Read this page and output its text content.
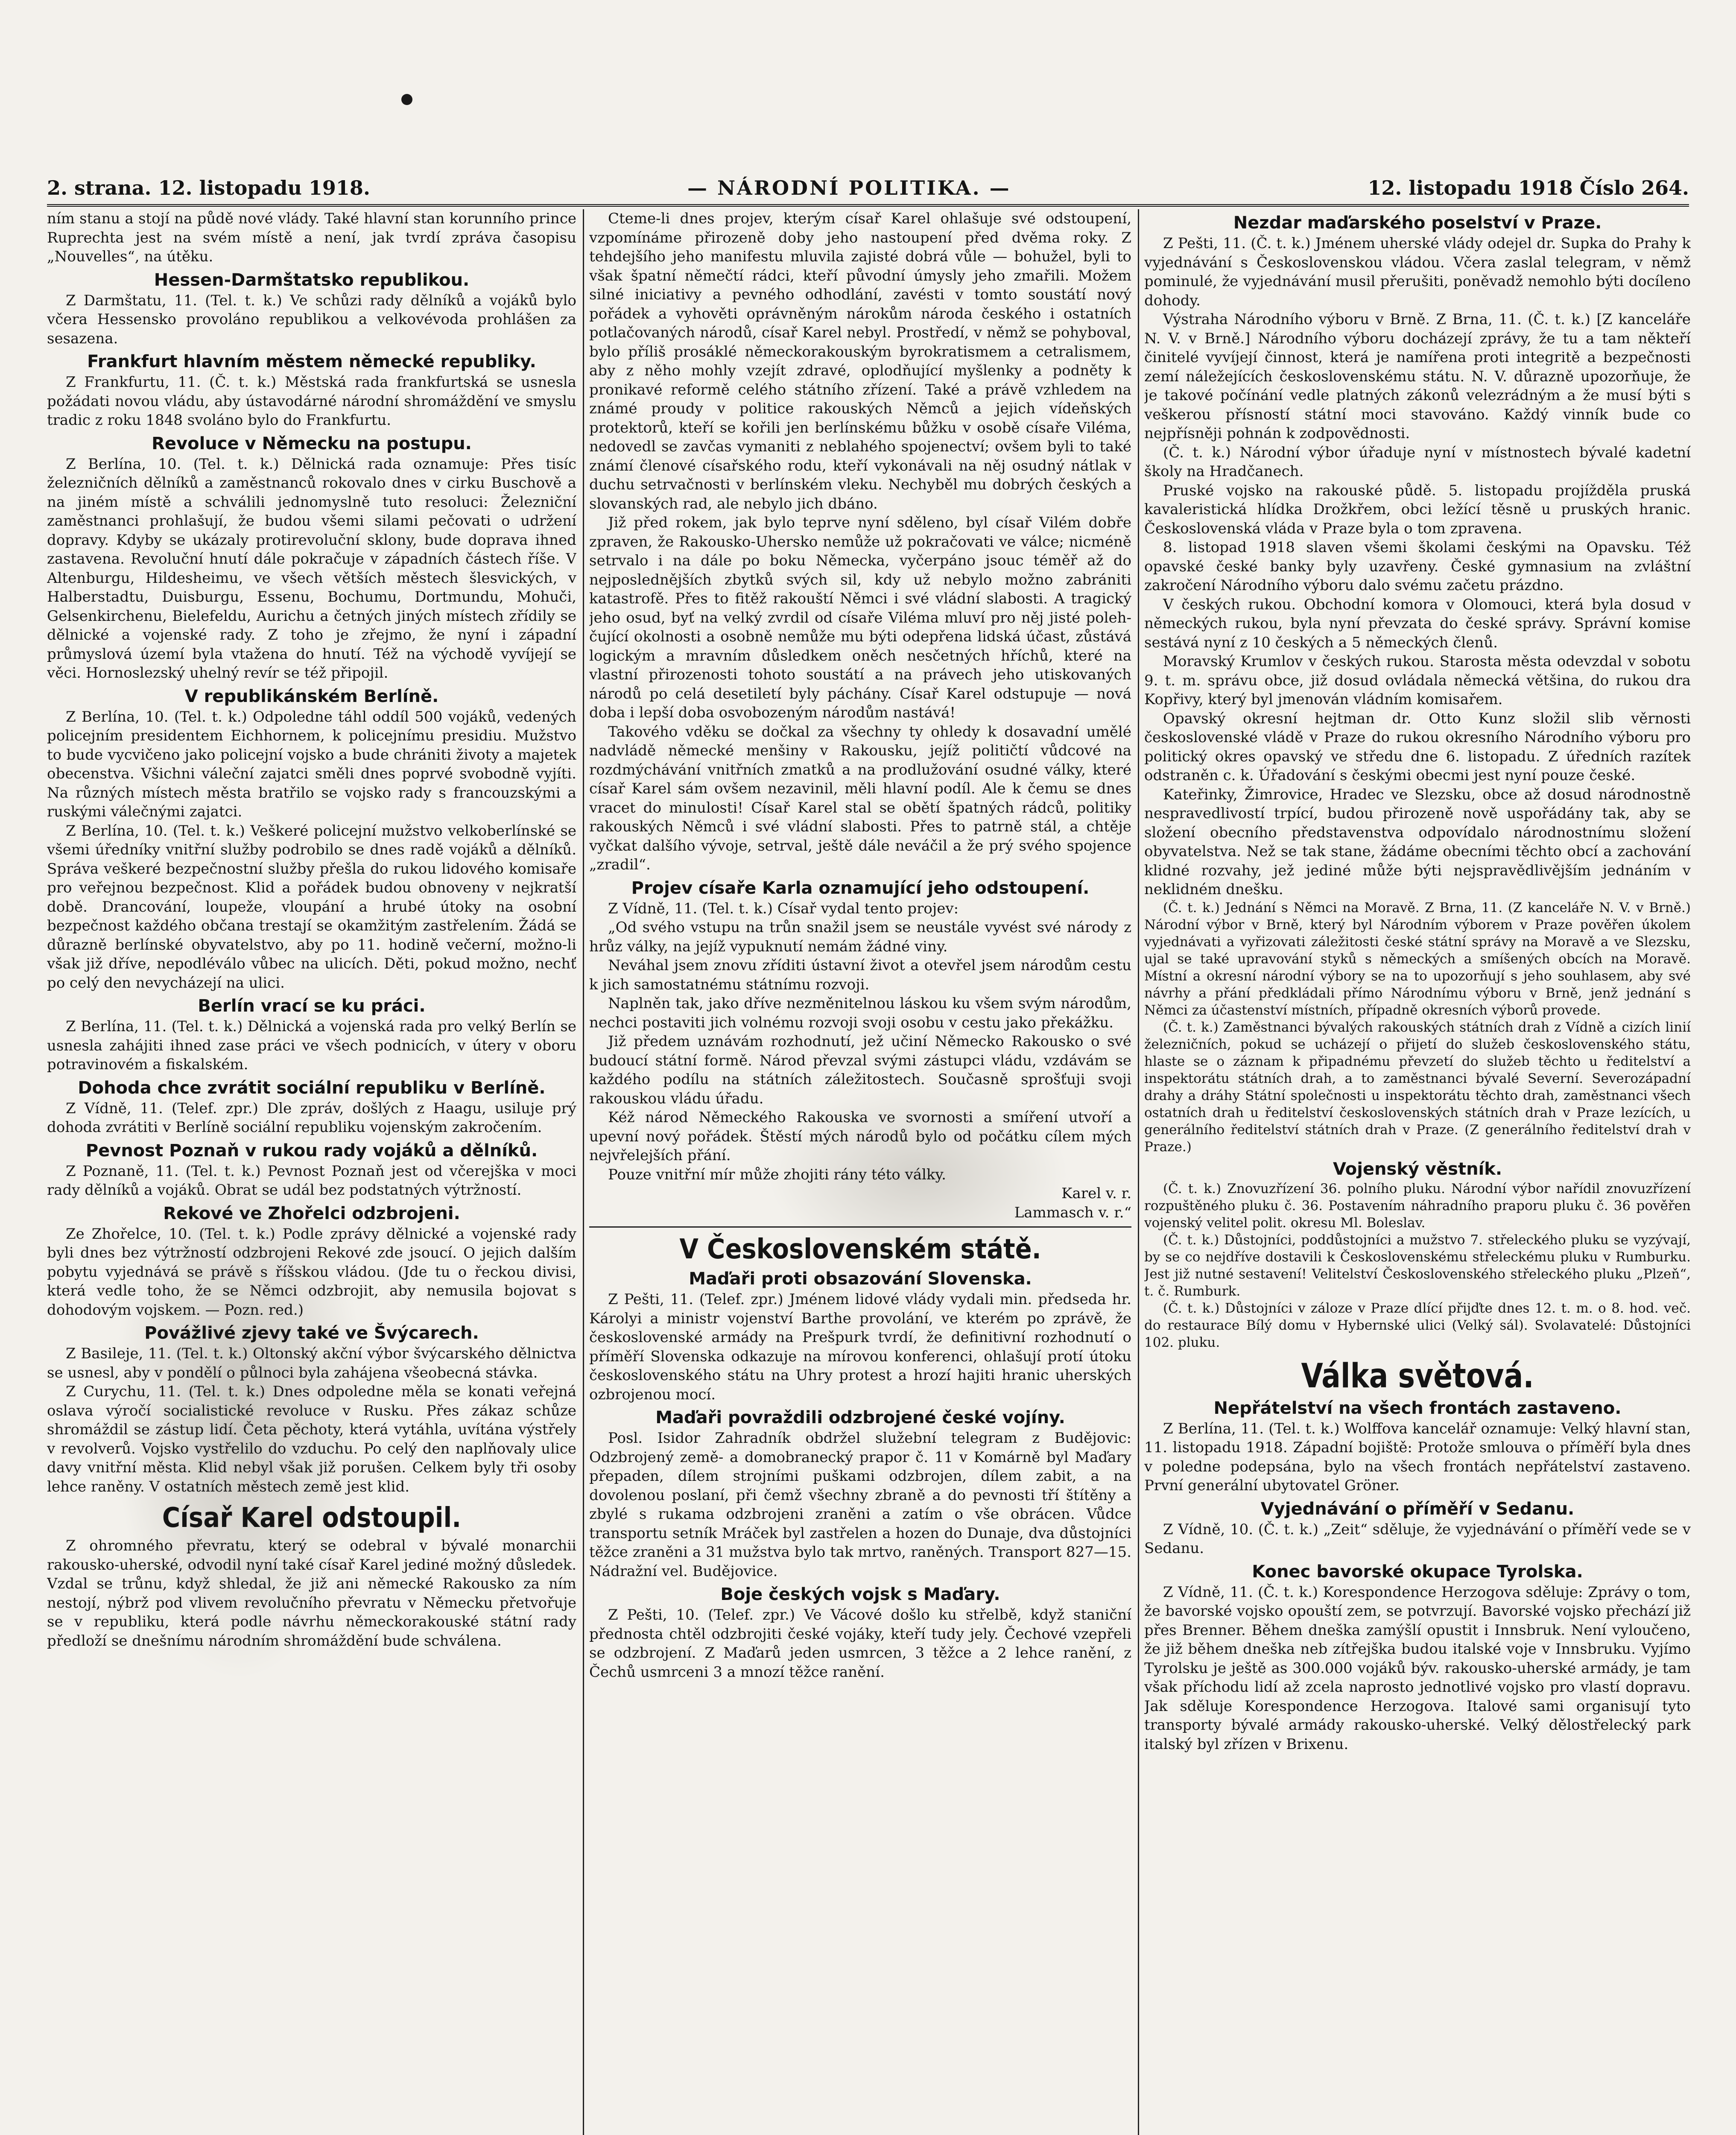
2. strana. 12. listopadu 1918.	— NÁRODNÍ POLITIKA. —	12. listopadu 1918 Číslo 264.

ním stanu a stojí na půdě nové vlády. Také hlavní stan korunního prince Ruprechta jest na svém místě a není, jak tvrdí zpráva časopisu „Nouvelles“, na útěku.

Hessen-Darmštatsko republikou.

Z Darmštatu, 11. (Tel. t. k.) Ve schůzi rady dělníků a vojáků bylo včera Hessensko provoláno republikou a velkovévoda prohlášen za sesazena.

Frankfurt hlavním městem německé republiky.

Z Frankfurtu, 11. (Č. t. k.) Městská rada frankfurtská se usnesla požádati novou vládu, aby ústavodárné národní shromáždění ve smyslu tradic z roku 1848 svoláno bylo do Frankfurtu.

Revoluce v Německu na postupu.

Z Berlína, 10. (Tel. t. k.) Dělnická rada oznamuje: Přes tisíc železničních dělníků a zaměstnanců rokovalo dnes v cirku Buschově a na jiném místě a schválili jednomyslně tuto resoluci: Železniční zaměstnanci prohlašují, že budou všemi silami pečovati o udržení dopravy. Kdyby se ukázaly protirevoluční sklony, bude doprava ihned zastavena. Revoluční hnutí dále pokračuje v západních částech říše. V Altenburgu, Hildesheimu, ve všech větších městech šlesvických, v Halberstadtu, Duisburgu, Essenu, Bochumu, Dortmundu, Mohuči, Gelsenkirchenu, Bielefeldu, Aurichu a četných jiných místech zřídily se dělnické a vojenské rady. Z toho je zřejmo, že nyní i západní průmyslová území byla vtažena do hnutí. Též na východě vyvíjejí se věci. Hornoslezský uhelný revír se též připojil.

V republikánském Berlíně.

Z Berlína, 10. (Tel. t. k.) Odpoledne táhl oddíl 500 vojáků, vedených policejním presidentem Eichhornem, k policejnímu presidiu. Mužstvo to bude vycvičeno jako policejní vojsko a bude chrániti životy a majetek obecenstva. Všichni váleční zajatci směli dnes poprvé svobodně vyjíti. Na různých místech města bratřilo se vojsko rady s francouzskými a ruskými válečnými zajatci.

Z Berlína, 10. (Tel. t. k.) Veškeré policejní mužstvo velkoberlínské se všemi úředníky vnitřní služby podrobilo se dnes radě vojáků a dělníků. Správa veškeré bezpečnostní služby přešla do rukou lidového komisaře pro veřejnou bezpečnost. Klid a pořádek budou obnoveny v nejkratší době. Drancování, loupeže, vloupání a hrubé útoky na osobní bezpečnost každého občana trestají se okamžitým zastřelením. Žádá se důrazně berlínské obyvatelstvo, aby po 11. hodině večerní, možno-li však již dříve, nepodléválo vůbec na ulicích. Děti, pokud možno, nechť po celý den nevycházejí na ulici.

Berlín vrací se ku práci.

Z Berlína, 11. (Tel. t. k.) Dělnická a vojenská rada pro velký Berlín se usnesla zahájiti ihned zase práci ve všech podnicích, v útery v oboru potravinovém a fiskalském.

Dohoda chce zvrátit sociální republiku v Berlíně.

Z Vídně, 11. (Telef. zpr.) Dle zpráv, došlých z Haagu, usiluje prý dohoda zvrátiti v Berlíně sociální republiku vojenským zakročením.

Pevnost Poznaň v rukou rady vojáků a dělníků.

Z Poznaně, 11. (Tel. t. k.) Pevnost Poznaň jest od včerejška v moci rady dělníků a vojáků. Obrat se udál bez podstatných výtržností.

Rekové ve Zhořelci odzbrojeni.

Ze Zhořelce, 10. (Tel. t. k.) Podle zprávy dělnické a vojenské rady byli dnes bez výtržností odzbrojeni Rekové zde jsoucí. O jejich dalším pobytu vyjednává se právě s říšskou vládou. (Jde tu o řeckou divisi, která vedle toho, že se Němci odzbrojit, aby nemusila bojovat s dohodovým vojskem. — Pozn. red.)

Povážlivé zjevy také ve Švýcarech.

Z Basileje, 11. (Tel. t. k.) Oltonský akční výbor švýcarského dělnictva se usnesl, aby v pondělí o půlnoci byla zahájena všeobecná stávka.

Z Curychu, 11. (Tel. t. k.) Dnes odpoledne měla se konati veřejná oslava výročí socialistické revoluce v Rusku. Přes zákaz schůze shromáždil se zástup lidí. Četa pěchoty, která vytáhla, uvítána výstřely v revolverů. Vojsko vystřelilo do vzduchu. Po celý den naplňovaly ulice davy vnitřní města. Klid nebyl však již porušen. Celkem byly tři osoby lehce raněny. V ostatních městech země jest klid.

Císař Karel odstoupil.

Z ohromného převratu, který se odebral v bývalé monarchii rakousko-uherské, odvodil nyní také císař Karel jediné možný důsledek. Vzdal se trůnu, když shledal, že již ani německé Rakousko za ním nestojí, nýbrž pod vlivem revolučního převratu v Německu přetvořuje se v republiku, která podle návrhu německorakouské státní rady předloží se dnešnímu národním shromáždění bude schválena.

Cteme-li dnes projev, kterým císař Karel ohlašuje své odstoupení, vzpomínáme přirozeně doby jeho nastoupení před dvěma roky. Z tehdejšího jeho manifestu mluvila zajisté dobrá vůle — bohužel, byli to však špatní němečtí rádci, kteří původní úmysly jeho zmařili. Možem silné iniciativy a pevného odhodlání, zavésti v tomto soustátí nový pořádek a vyhověti oprávněným nárokům národa českého i ostatních potlačovaných národů, císař Karel nebyl. Prostředí, v němž se pohyboval, bylo příliš prosáklé německorakouským byrokratismem a cetralismem, aby z něho mohly vzejít zdravé, oplodňující myšlenky a podněty k pronikavé reformě celého státního zřízení. Také a právě vzhledem na známé proudy v politice rakouských Němců a jejich vídeňských protektorů, kteří se kořili jen berlínskému bůžku v osobě císaře Viléma, nedovedl se zavčas vymaniti z neblahého spojenectví; ovšem byli to také známí členové císařského rodu, kteří vykonávali na něj osudný nátlak v duchu setrvačnosti v berlínském vleku. Nechyběl mu dobrých českých a slovanských rad, ale nebylo jich dbáno.

Již před rokem, jak bylo teprve nyní sděleno, byl císař Vilém dobře zpraven, že Rakousko-Uhersko nemůže už pokračovati ve válce; nicméně setrvalo i na dále po boku Německa, vyčerpáno jsouc téměř až do nejposlednějších zbytků svých sil, kdy už nebylo možno zabrániti katastrofě. Přes to fitěž rakouští Němci i své vládní slabosti. A tragický jeho osud, byť na velký zvrdil od císaře Viléma mluví pro něj jisté polehčující okolnosti a osobně nemůže mu býti odepřena lidská účast, zůstává logickým a mravním důsledkem oněch nesčetných hříchů, které na vlastní přirozenosti tohoto soustátí a na právech jeho utiskovaných národů po celá desetiletí byly páchány. Císař Karel odstupuje — nová doba i lepší doba osvobozeným národům nastává!

Takového vděku se dočkal za všechny ty ohledy k dosavadní umělé nadvládě německé menšiny v Rakousku, jejíž političtí vůdcové na rozdmýchávání vnitřních zmatků a na prodlužování osudné války, které císař Karel sám ovšem nezavinil, měli hlavní podíl. Ale k čemu se dnes vracet do minulosti! Císař Karel stal se obětí špatných rádců, politiky rakouských Němců i své vládní slabosti. Přes to patrně stál, a chtěje vyčkat dalšího vývoje, setrval, ještě dále neváčil a že prý svého spojence „zradil“.

Projev císaře Karla oznamující jeho odstoupení.

Z Vídně, 11. (Tel. t. k.) Císař vydal tento projev:

„Od svého vstupu na trůn snažil jsem se neustále vyvést své národy z hrůz války, na jejíž vypuknutí nemám žádné viny.

Neváhal jsem znovu zříditi ústavní život a otevřel jsem národům cestu k jich samostatnému státnímu rozvoji.

Naplněn tak, jako dříve nezměnitelnou láskou ku všem svým národům, nechci postaviti jich volnému rozvoji svoji osobu v cestu jako překážku.

Již předem uznávám rozhodnutí, jež učiní Německo Rakousko o své budoucí státní formě. Národ převzal svými zástupci vládu, vzdávám se každého podílu na státních záležitostech. Současně sprošťuji svoji rakouskou vládu úřadu.

Kéž národ Německého Rakouska ve svornosti a smíření utvoří a upevní nový pořádek. Štěstí mých národů bylo od počátku cílem mých nejvřelejších přání.

Pouze vnitřní mír může zhojiti rány této války.

Karel v. r.

Lammasch v. r.“

V Československém státě.
Maďaři proti obsazování Slovenska.

Z Pešti, 11. (Telef. zpr.) Jménem lidové vlády vydali min. předseda hr. Károlyi a ministr vojenství Barthe provolání, ve kterém po zprávě, že československé armády na Prešpurk tvrdí, že definitivní rozhodnutí o příměří Slovenska odkazuje na mírovou konferenci, ohlašují protí útoku československého státu na Uhry protest a hrozí hajiti hranic uherských ozbrojenou mocí.

Maďaři povraždili odzbrojené české vojíny.

Posl. Isidor Zahradník obdržel služební telegram z Budějovic: Odzbrojený země- a domobranecký prapor č. 11 v Komárně byl Maďary přepaden, dílem strojními puškami odzbrojen, dílem zabit, a na dovolenou poslaní, při čemž všechny zbraně a do pevnosti tří štítěny a zbylé s rukama odzbrojeni zraněni a zatím o vše obrácen. Vůdce transportu setník Mráček byl zastřelen a hozen do Dunaje, dva důstojníci těžce zraněni a 31 mužstva bylo tak mrtvo, raněných. Transport 827—15. Nádražní vel. Budějovice.

Boje českých vojsk s Maďary.

Z Pešti, 10. (Telef. zpr.) Ve Vácové došlo ku střelbě, když staniční přednosta chtěl odzbrojiti české vojáky, kteří tudy jely. Čechové vzepřeli se odzbrojení. Z Maďarů jeden usmrcen, 3 těžce a 2 lehce ranění, z Čechů usmrceni 3 a mnozí těžce ranění.

Nezdar maďarského poselství v Praze.

Z Pešti, 11. (Č. t. k.) Jménem uherské vlády odejel dr. Supka do Prahy k vyjednávání s Československou vládou. Včera zaslal telegram, v němž pominulé, že vyjednávání musil přerušiti, poněvadž nemohlo býti docíleno dohody.

Výstraha Národního výboru v Brně. Z Brna, 11. (Č. t. k.) [Z kanceláře N. V. v Brně.] Národního výboru docházejí zprávy, že tu a tam někteří činitelé vyvíjejí činnost, která je namířena proti integritě a bezpečnosti zemí náležejících československému státu. N. V. důrazně upozorňuje, že je takové počínání vedle platných zákonů velezrádným a že musí býti s veškerou přísností státní moci stavováno. Každý vinník bude co nejpřísněji pohnán k zodpovědnosti.

(Č. t. k.) Národní výbor úřaduje nyní v místnostech bývalé kadetní školy na Hradčanech.

Pruské vojsko na rakouské půdě. 5. listopadu projížděla pruská kavaleristická hlídka Drožkřem, obci ležící těsně u pruských hranic. Československá vláda v Praze byla o tom zpravena.

8. listopad 1918 slaven všemi školami českými na Opavsku. Též opavské české banky byly uzavřeny. České gymnasium na zvláštní zakročení Národního výboru dalo svému začetu prázdno.

V českých rukou. Obchodní komora v Olomouci, která byla dosud v německých rukou, byla nyní převzata do české správy. Správní komise sestává nyní z 10 českých a 5 německých členů.

Moravský Krumlov v českých rukou. Starosta města odevzdal v sobotu 9. t. m. správu obce, již dosud ovládala německá většina, do rukou dra Kopřivy, který byl jmenován vládním komisařem.

Opavský okresní hejtman dr. Otto Kunz složil slib věrnosti československé vládě v Praze do rukou okresního Národního výboru pro politický okres opavský ve středu dne 6. listopadu. Z úředních razítek odstraněn c. k. Úřadování s českými obecmi jest nyní pouze české.

Kateřinky, Žimrovice, Hradec ve Slezsku, obce až dosud národnostně nespravedlivostí trpící, budou přirozeně nově uspořádány tak, aby se složení obecního představenstva odpovídalo národnostnímu složení obyvatelstva. Než se tak stane, žádáme obecními těchto obcí a zachování klidné rozvahy, jež jediné může býti nejspravědlivějším jednáním v neklidném dnešku.

(Č. t. k.) Jednání s Němci na Moravě. Z Brna, 11. (Z kanceláře N. V. v Brně.) Národní výbor v Brně, který byl Národním výborem v Praze pověřen úkolem vyjednávati a vyřizovati záležitosti české státní správy na Moravě a ve Slezsku, ujal se také upravování styků s německých a smíšených obcích na Moravě. Místní a okresní národní výbory se na to upozorňují s jeho souhlasem, aby své návrhy a přání předkládali přímo Národnímu výboru v Brně, jenž jednání s Němci za účastenství místních, případně okresních výborů provede.

(Č. t. k.) Zaměstnanci bývalých rakouských státních drah z Vídně a cizích linií železničních, pokud se ucházejí o přijetí do služeb československého státu, hlaste se o záznam k připadnému převzetí do služeb těchto u ředitelství a inspektorátu státních drah, a to zaměstnanci bývalé Severní. Severozápadní drahy a dráhy Státní společnosti u inspektorátu těchto drah, zaměstnanci všech ostatních drah u ředitelství československých státních drah v Praze lezících, u generálního ředitelství státních drah v Praze. (Z generálního ředitelství drah v Praze.)

Vojenský věstník.

(Č. t. k.) Znovuzřízení 36. polního pluku. Národní výbor nařídil znovuzřízení rozpuštěného pluku č. 36. Postavením náhradního praporu pluku č. 36 pověřen vojenský velitel polit. okresu Ml. Boleslav.

(Č. t. k.) Důstojníci, poddůstojníci a mužstvo 7. střeleckého pluku se vyzývají, by se co nejdříve dostavili k Československému střeleckému pluku v Rumburku. Jest již nutné sestavení! Velitelství Československého střeleckého pluku „Plzeň“, t. č. Rumburk.

(Č. t. k.) Důstojníci v záloze v Praze dlící přijďte dnes 12. t. m. o 8. hod. več. do restaurace Bílý domu v Hybernské ulici (Velký sál). Svolavatelé: Důstojníci 102. pluku.

Válka světová.
Nepřátelství na všech frontách zastaveno.

Z Berlína, 11. (Tel. t. k.) Wolffova kancelář oznamuje: Velký hlavní stan, 11. listopadu 1918. Západní bojiště: Protože smlouva o příměří byla dnes v poledne podepsána, bylo na všech frontách nepřátelství zastaveno. První generální ubytovatel Gröner.

Vyjednávání o příměří v Sedanu.

Z Vídně, 10. (Č. t. k.) „Zeit“ sděluje, že vyjednávání o příměří vede se v Sedanu.

Konec bavorské okupace Tyrolska.

Z Vídně, 11. (Č. t. k.) Korespondence Herzogova sděluje: Zprávy o tom, že bavorské vojsko opouští zem, se potvrzují. Bavorské vojsko přechází již přes Brenner. Během dneška zamýšlí opustit i Innsbruk. Není vyloučeno, že již během dneška neb zítřejška budou italské voje v Innsbruku. Vyjímo Tyrolsku je ještě as 300.000 vojáků býv. rakousko-uherské armády, je tam však příchodu lidí až zcela naprosto jednotlivé vojsko pro vlastí dopravu. Jak sděluje Korespondence Herzogova. Italové sami organisují tyto transporty bývalé armády rakousko-uherské. Velký dělostřelecký park italský byl zřízen v Brixenu.
